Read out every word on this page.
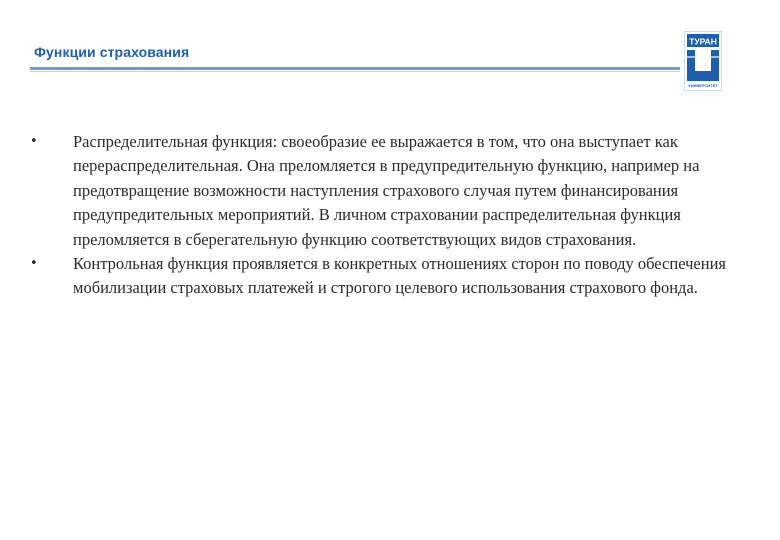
Функции страхования
ТУРАН
УНИВЕРСИТЕТ
• Распределительная функция: своеобразие ее выражается в том, что она выступает как перераспределительная. Она преломляется в предупредительную функцию, например на предотвращение возможности наступления страхового случая путем финансирования предупредительных мероприятий. В личном страховании распределительная функция преломляется в сберегательную функцию соответствующих видов страхования.
• Контрольная функция проявляется в конкретных отношениях сторон по поводу обеспечения мобилизации страховых платежей и строгого целевого использования страхового фонда.
